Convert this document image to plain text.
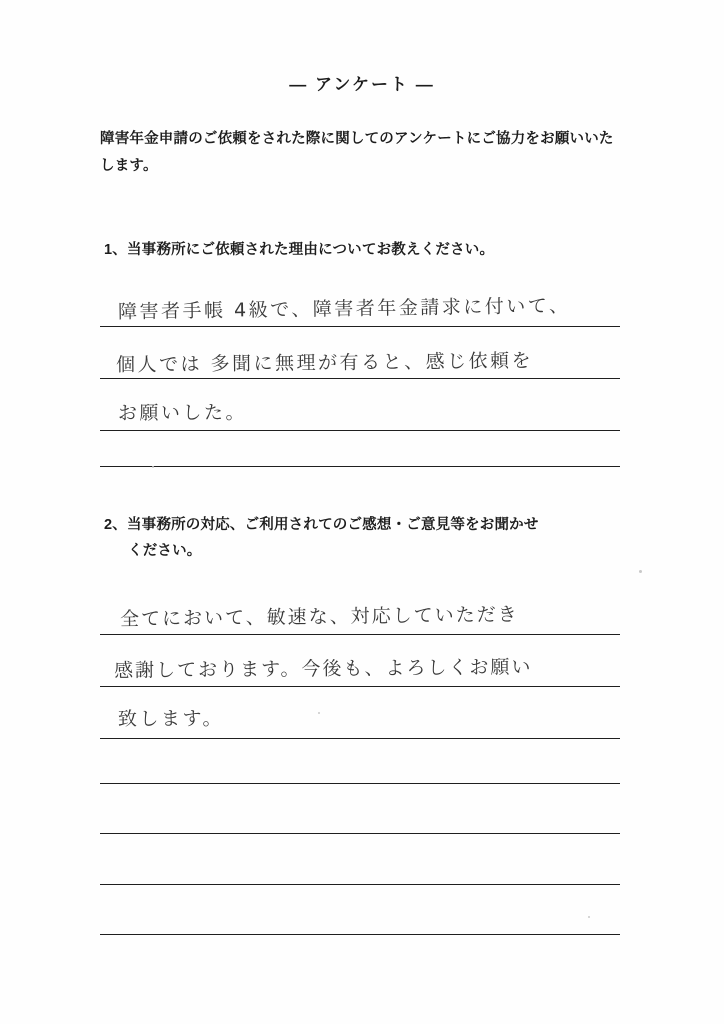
— アンケート —
障害年金申請のご依頼をされた際に関してのアンケートにご協力をお願いいたします。
1、当事務所にご依頼された理由についてお教えください。
障害者手帳 4級で、障害者年金請求に付いて、
個人では 多聞に無理が有ると、感じ依頼を
お願いした。
2、当事務所の対応、ご利用されてのご感想・ご意見等をお聞かせ
ください。
全てにおいて、敏速な、対応していただき
感謝しております。今後も、よろしくお願い
致します。
